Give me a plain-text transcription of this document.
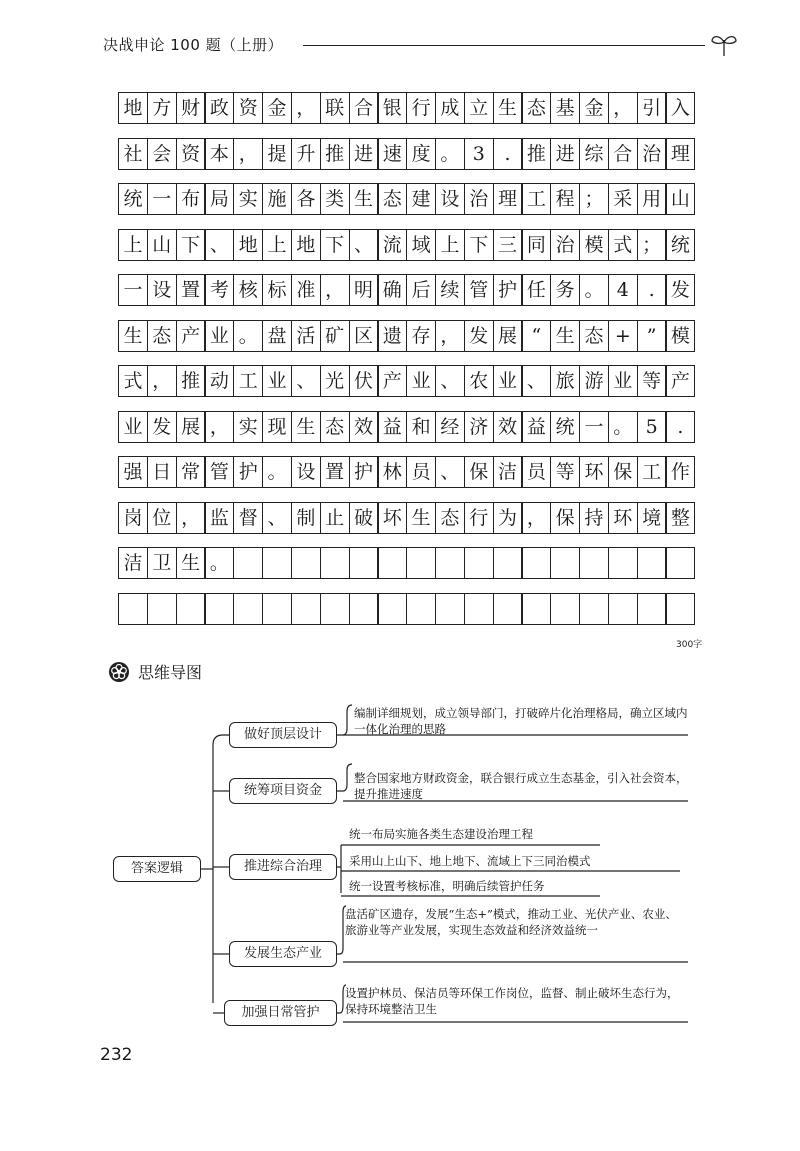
决战申论 100 题（上册）
地 方 财 政 资 金 ， 联 合 银 行 成 立 生 态 基 金 ， 引 入
社 会 资 本 ， 提 升 推 进 速 度 。 3	. 推 进 综 合 治 理
统 一 布 局 实 施 各 类 生 态 建 设 治 理 工 程 ； 采 用 山
上 山 下 、 地 上 地 下 、 流 域 上 下 三 同 治 模 式 ； 统
一 设 置 考 核 标 准 ， 明 确 后 续 管 护 任 务 。 4	. 发
生 态 产 业 。 盘 活 矿 区 遗 存 ， 发 展 “ 生 态 + ” 模
式 ， 推 动 工 业 、 光 伏 产 业 、 农 业 、 旅 游 业 等 产
业 发 展 ， 实 现 生 态 效 益 和 经 济 效 益 统 一 。 5	.
强 日 常 管 护 。 设 置 护 林 员 、 保 洁 员 等 环 保 工 作
岗 位 ， 监 督 、 制 止 破 坏 生 态 行 为 ， 保 持 环 境 整
洁 卫 生 。
300字
思维导图
答案逻辑
做好顶层设计
统筹项目资金
推进综合治理
发展生态产业
加强日常管护
编制详细规划，成立领导部门，打破碎片化治理格局，确立区域内一体化治理的思路
整合国家地方财政资金，联合银行成立生态基金，引入社会资本，提升推进速度
统一布局实施各类生态建设治理工程
采用山上山下、地上地下、流域上下三同治模式
统一设置考核标准，明确后续管护任务
盘活矿区遗存，发展“生态+”模式，推动工业、光伏产业、农业、旅游业等产业发展，实现生态效益和经济效益统一
设置护林员、保洁员等环保工作岗位，监督、制止破坏生态行为，保持环境整洁卫生
232
